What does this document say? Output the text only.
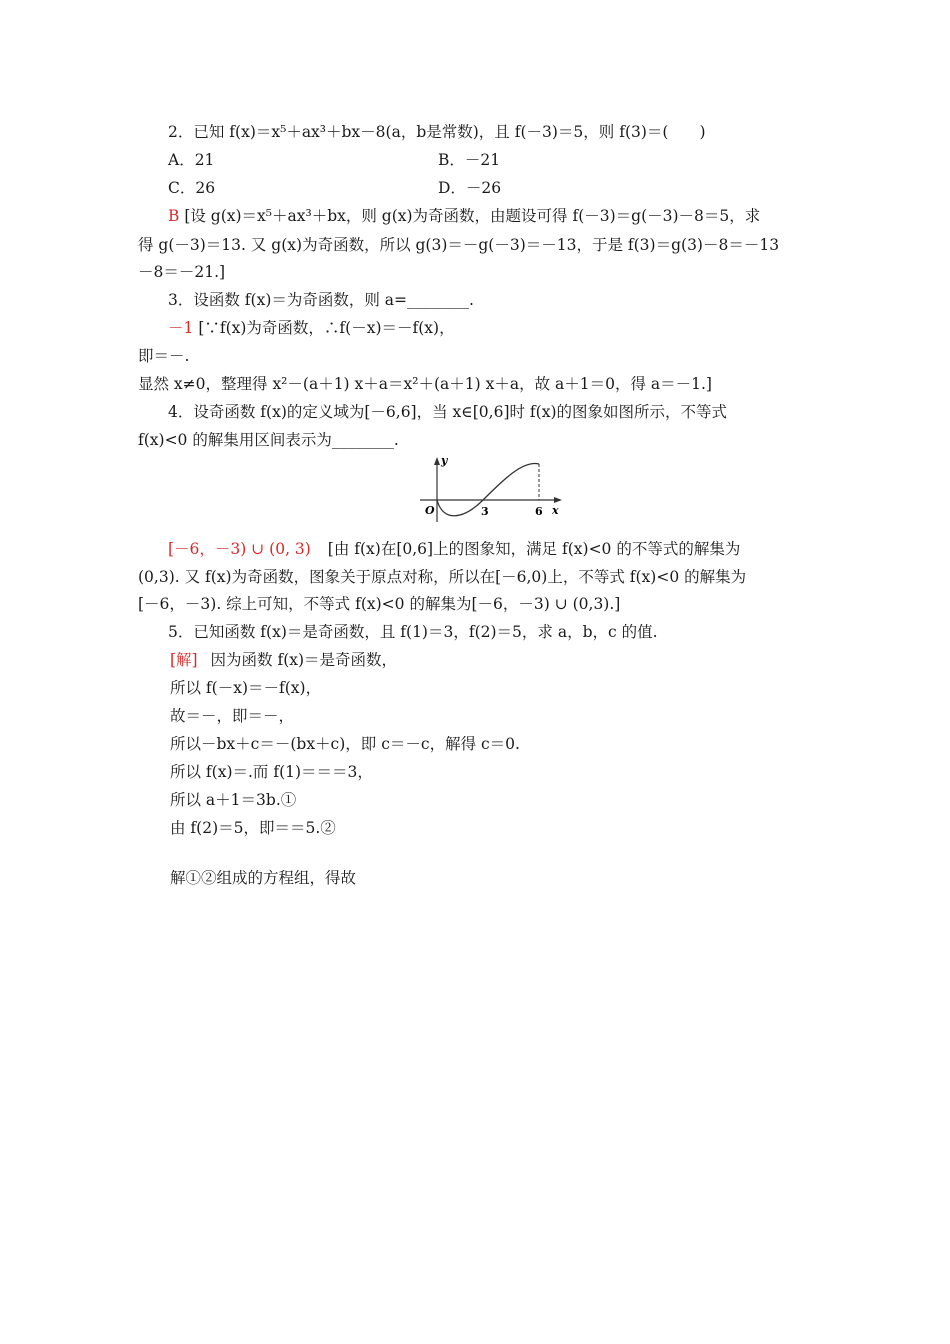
2．已知 f(x)＝x⁵＋ax³＋bx－8(a，b是常数)，且 f(－3)＝5，则 f(3)＝(　　)
A．21	B．－21
C．26	D．－26
B [设 g(x)＝x⁵＋ax³＋bx，则 g(x)为奇函数，由题设可得 f(－3)＝g(－3)－8＝5，求
得 g(－3)＝13. 又 g(x)为奇函数，所以 g(3)＝－g(－3)＝－13，于是 f(3)＝g(3)－8＝－13
－8＝－21.]
3．设函数 f(x)＝为奇函数，则 a=________.
－1 [∵f(x)为奇函数，∴f(－x)＝－f(x)，
即＝－.
显然 x≠0，整理得 x²－(a＋1) x＋a＝x²＋(a＋1) x＋a，故 a＋1＝0，得 a＝－1.]
4．设奇函数 f(x)的定义域为[－6,6]，当 x∈[0,6]时 f(x)的图象如图所示，不等式
f(x)<0 的解集用区间表示为________.
y
x
O	3	6
[－6，－3) ∪ (0, 3) [由 f(x)在[0,6]上的图象知，满足 f(x)<0 的不等式的解集为
(0,3). 又 f(x)为奇函数，图象关于原点对称，所以在[－6,0)上，不等式 f(x)<0 的解集为
[－6，－3). 综上可知，不等式 f(x)<0 的解集为[－6，－3) ∪ (0,3).]
5．已知函数 f(x)＝是奇函数，且 f(1)＝3，f(2)＝5，求 a，b，c 的值.
[解] 因为函数 f(x)＝是奇函数，
所以 f(－x)＝－f(x)，
故＝－，即＝－，
所以－bx＋c＝－(bx＋c)，即 c＝－c，解得 c＝0.
所以 f(x)＝.而 f(1)＝＝＝3，
所以 a＋1＝3b.①
由 f(2)＝5，即＝＝5.②
解①②组成的方程组，得故
